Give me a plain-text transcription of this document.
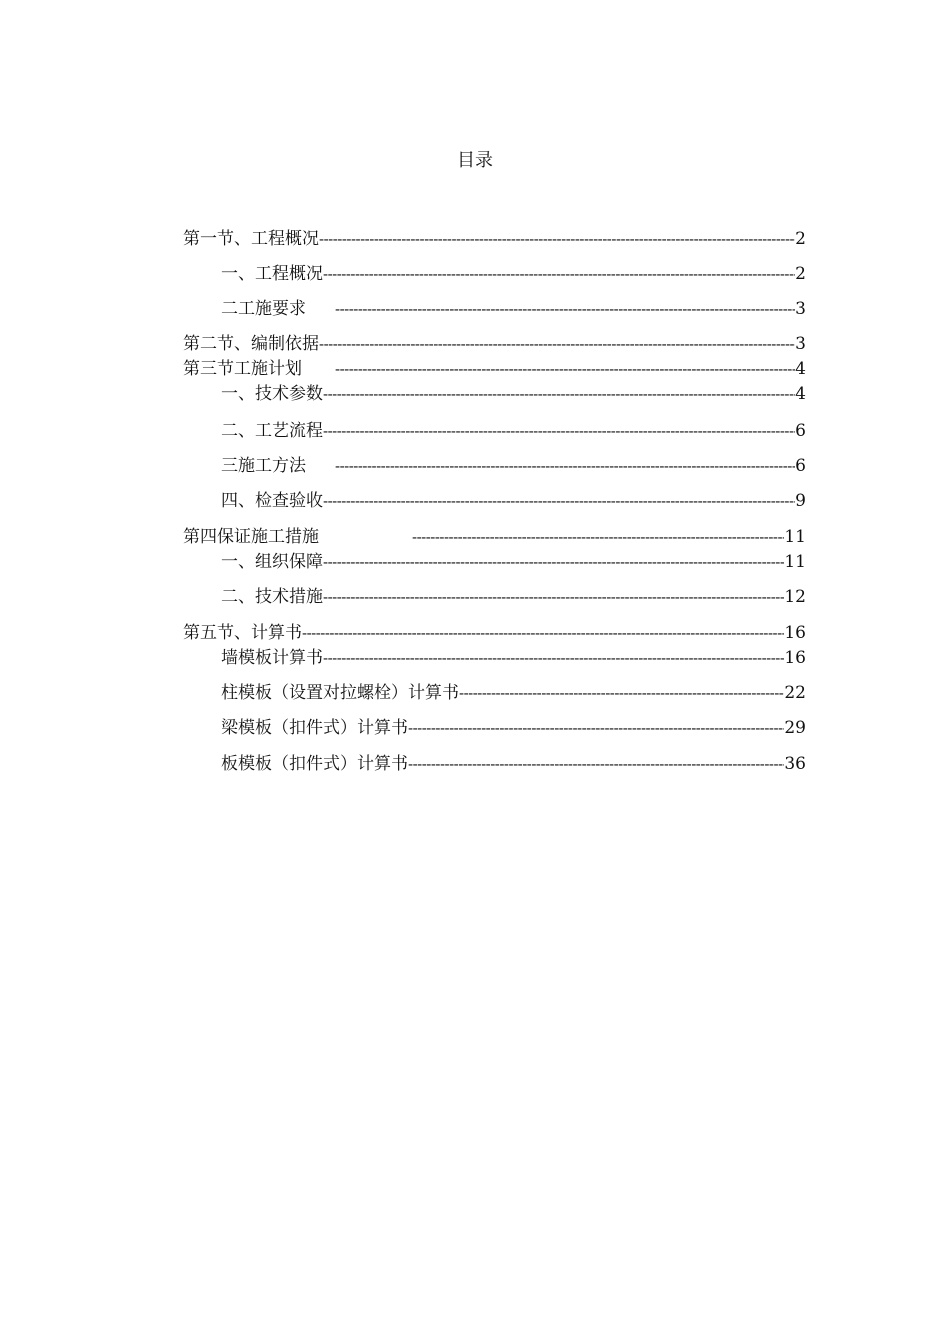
目录
第一节、工程概况 -----	2
一、工程概况 -----	2
二工施要求 -----	3
第二节、编制依据 -----	3
第三节工施计划 -----	4
一、技术参数 -----	4
二、工艺流程 -----	6
三施工方法 -----	6
四、检查验收 -----	9
第四保证施工措施 -----	11
一、组织保障 -----	11
二、技术措施 -----	12
第五节、计算书 -----	16
墙模板计算书 -----	16
柱模板（设置对拉螺栓）计算书 -----	22
梁模板（扣件式）计算书 -----	29
板模板（扣件式）计算书 -----	36
